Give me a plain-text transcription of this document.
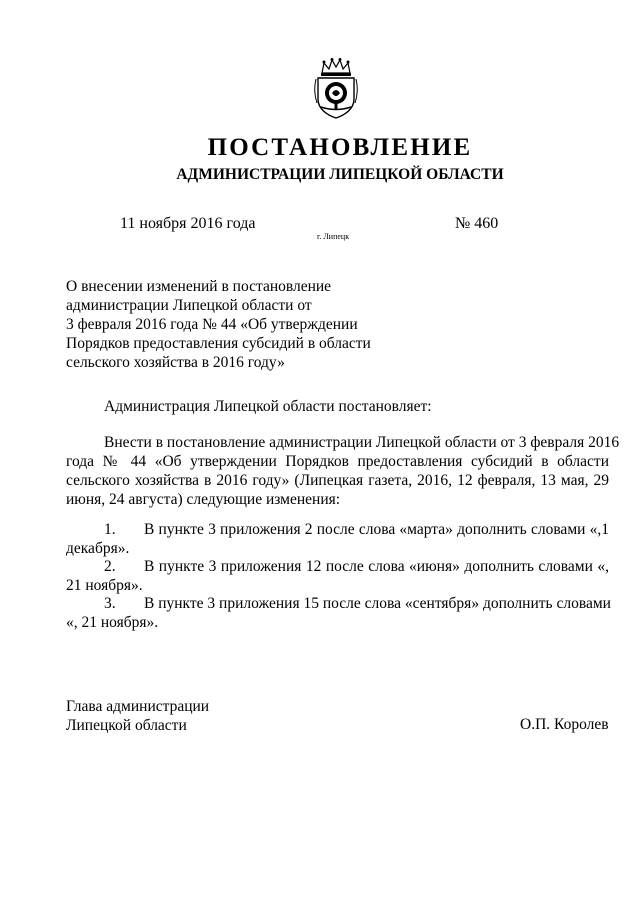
ПОСТАНОВЛЕНИЕ
АДМИНИСТРАЦИИ ЛИПЕЦКОЙ ОБЛАСТИ
11 ноября 2016 года
г. Липецк
№ 460
О внесении изменений в постановление
администрации Липецкой области от
3 февраля 2016 года № 44 «Об утверждении
Порядков предоставления субсидий в области
сельского хозяйства в 2016 году»
Администрация Липецкой области постановляет:
Внести в постановление администрации Липецкой области от 3 февраля 2016
года № 44 «Об утверждении Порядков предоставления субсидий в области
сельского хозяйства в 2016 году» (Липецкая газета, 2016, 12 февраля, 13 мая, 29
июня, 24 августа) следующие изменения:
1.	В пункте 3 приложения 2 после слова «марта» дополнить словами «,1
декабря».
2.	В пункте 3 приложения 12 после слова «июня» дополнить словами «,
21 ноября».
3.	В пункте 3 приложения 15 после слова «сентября» дополнить словами
«, 21 ноября».
Глава администрации
Липецкой области	О.П. Королев
